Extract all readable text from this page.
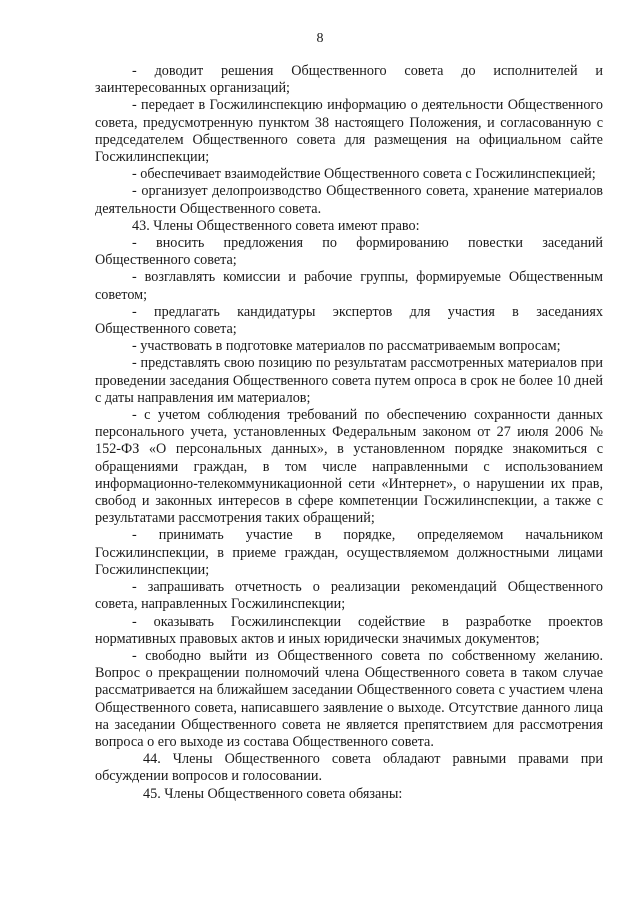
8

- доводит решения Общественного совета до исполнителей и заинтересованных организаций;

- передает в Госжилинспекцию информацию о деятельности Общественного совета, предусмотренную пунктом 38 настоящего Положения, и согласованную с председателем Общественного совета для размещения на официальном сайте Госжилинспекции;

- обеспечивает взаимодействие Общественного совета с Госжилинспекцией;

- организует делопроизводство Общественного совета, хранение материалов деятельности Общественного совета.

43. Члены Общественного совета имеют право:

- вносить предложения по формированию повестки заседаний Общественного совета;

- возглавлять комиссии и рабочие группы, формируемые Общественным советом;

- предлагать кандидатуры экспертов для участия в заседаниях Общественного совета;

- участвовать в подготовке материалов по рассматриваемым вопросам;

- представлять свою позицию по результатам рассмотренных материалов при проведении заседания Общественного совета путем опроса в срок не более 10 дней с даты направления им материалов;

- с учетом соблюдения требований по обеспечению сохранности данных персонального учета, установленных Федеральным законом от 27 июля 2006 № 152-ФЗ «О персональных данных», в установленном порядке знакомиться с обращениями граждан, в том числе направленными с использованием информационно-телекоммуникационной сети «Интернет», о нарушении их прав, свобод и законных интересов в сфере компетенции Госжилинспекции, а также с результатами рассмотрения таких обращений;

- принимать участие в порядке, определяемом начальником Госжилинспекции, в приеме граждан, осуществляемом должностными лицами Госжилинспекции;

- запрашивать отчетность о реализации рекомендаций Общественного совета, направленных Госжилинспекции;

- оказывать Госжилинспекции содействие в разработке проектов нормативных правовых актов и иных юридически значимых документов;

- свободно выйти из Общественного совета по собственному желанию. Вопрос о прекращении полномочий члена Общественного совета в таком случае рассматривается на ближайшем заседании Общественного совета с участием члена Общественного совета, написавшего заявление о выходе. Отсутствие данного лица на заседании Общественного совета не является препятствием для рассмотрения вопроса о его выходе из состава Общественного совета.

44. Члены Общественного совета обладают равными правами при обсуждении вопросов и голосовании.

45. Члены Общественного совета обязаны:
